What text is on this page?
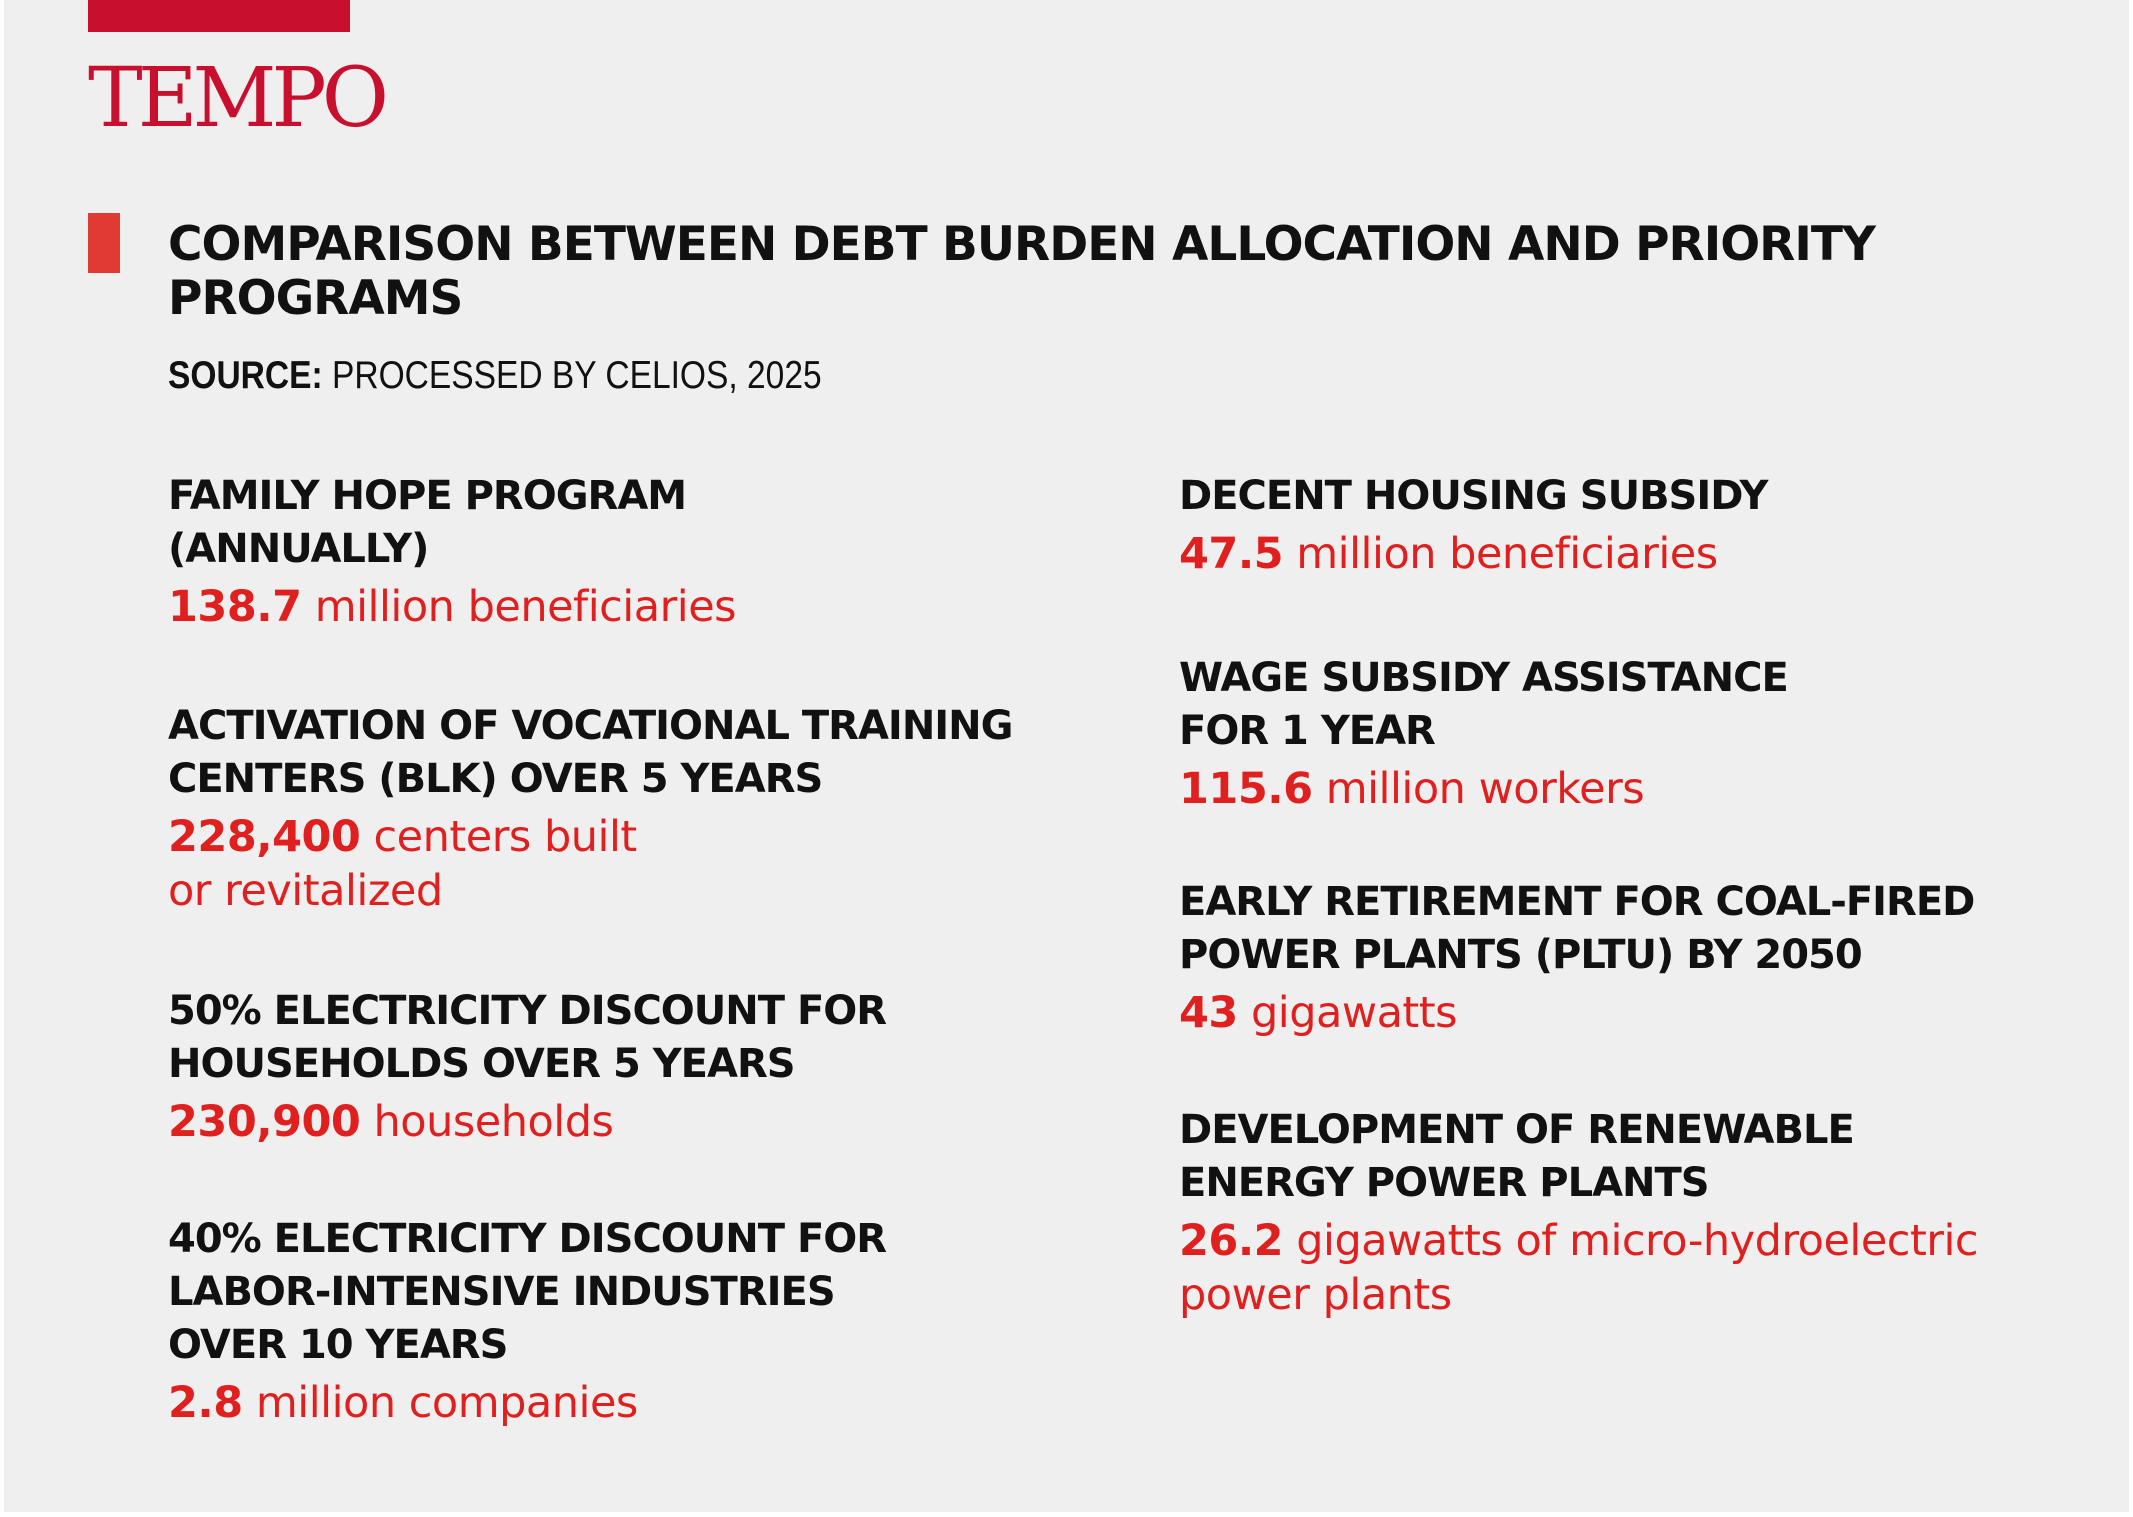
TEMPO
COMPARISON BETWEEN DEBT BURDEN ALLOCATION AND PRIORITY PROGRAMS
SOURCE: PROCESSED BY CELIOS, 2025
FAMILY HOPE PROGRAM
(ANNUALLY)
138.7 million beneficiaries
ACTIVATION OF VOCATIONAL TRAINING
CENTERS (BLK) OVER 5 YEARS
228,400 centers built
or revitalized
50% ELECTRICITY DISCOUNT FOR
HOUSEHOLDS OVER 5 YEARS
230,900 households
40% ELECTRICITY DISCOUNT FOR
LABOR-INTENSIVE INDUSTRIES
OVER 10 YEARS
2.8 million companies
DECENT HOUSING SUBSIDY
47.5 million beneficiaries
WAGE SUBSIDY ASSISTANCE
FOR 1 YEAR
115.6 million workers
EARLY RETIREMENT FOR COAL-FIRED
POWER PLANTS (PLTU) BY 2050
43 gigawatts
DEVELOPMENT OF RENEWABLE
ENERGY POWER PLANTS
26.2 gigawatts of micro-hydroelectric
power plants
